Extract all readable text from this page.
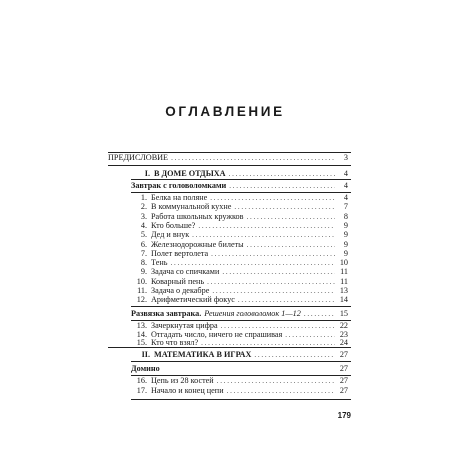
ОГЛАВЛЕНИЕ
ПРЕДИСЛОВИЕ . . .	3
I. В ДОМЕ ОТДЫХА . . .	4
Завтрак с головоломками . . .	4
1. Белка на поляне . . .	4
2. В коммунальной кухне . . .	7
3. Работа школьных кружков . . .	8
4. Кто больше? . . .	9
5. Дед и внук . . .	9
6. Железнодорожные билеты . . .	9
7. Полет вертолета . . .	9
8. Тень . . .	10
9. Задача со спичками . . .	11
10. Коварный пень . . .	11
11. Задача о декабре . . .	13
12. Арифметический фокус . . .	14
Развязка завтрака. Решения головоломок 1—12 . . .	15
13. Зачеркнутая цифра . . .	22
14. Отгадать число, ничего не спрашивая . . .	23
15. Кто что взял? . . .	24
II. МАТЕМАТИКА В ИГРАХ . . .	27
Домино	27
16. Цепь из 28 костей . . .	27
17. Начало и конец цепи . . .	27
179
